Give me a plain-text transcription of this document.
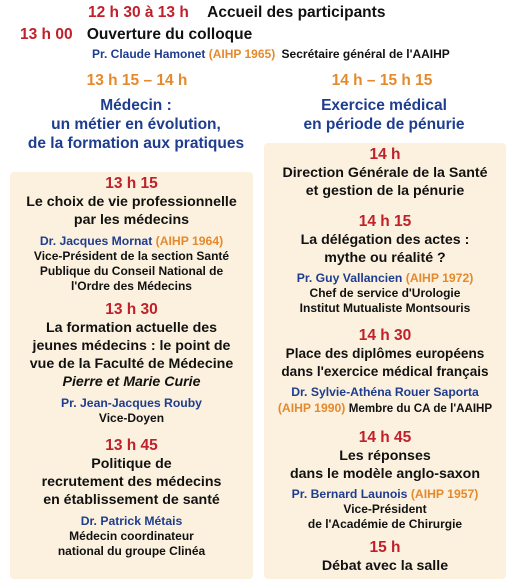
12 h 30 à 13 h Accueil des participants
13 h 00 Ouverture du colloque
Pr. Claude Hamonet (AIHP 1965) Secrétaire général de l'AAIHP
13 h 15 – 14 h	14 h – 15 h 15
Médecin :
un métier en évolution,
de la formation aux pratiques
Exercice médical
en période de pénurie
13 h 15
Le choix de vie professionnelle
par les médecins
Dr. Jacques Mornat (AIHP 1964)
Vice-Président de la section Santé
Publique du Conseil National de
l'Ordre des Médecins
13 h 30
La formation actuelle des
jeunes médecins : le point de
vue de la Faculté de Médecine
Pierre et Marie Curie
Pr. Jean-Jacques Rouby
Vice-Doyen
13 h 45
Politique de
recrutement des médecins
en établissement de santé
Dr. Patrick Métais
Médecin coordinateur
national du groupe Clinéa
14 h
Direction Générale de la Santé
et gestion de la pénurie
14 h 15
La délégation des actes :
mythe ou réalité ?
Pr. Guy Vallancien (AIHP 1972)
Chef de service d'Urologie
Institut Mutualiste Montsouris
14 h 30
Place des diplômes européens
dans l'exercice médical français
Dr. Sylvie-Athéna Rouer Saporta
(AIHP 1990) Membre du CA de l'AAIHP
14 h 45
Les réponses
dans le modèle anglo-saxon
Pr. Bernard Launois (AIHP 1957)
Vice-Président
de l'Académie de Chirurgie
15 h
Débat avec la salle
